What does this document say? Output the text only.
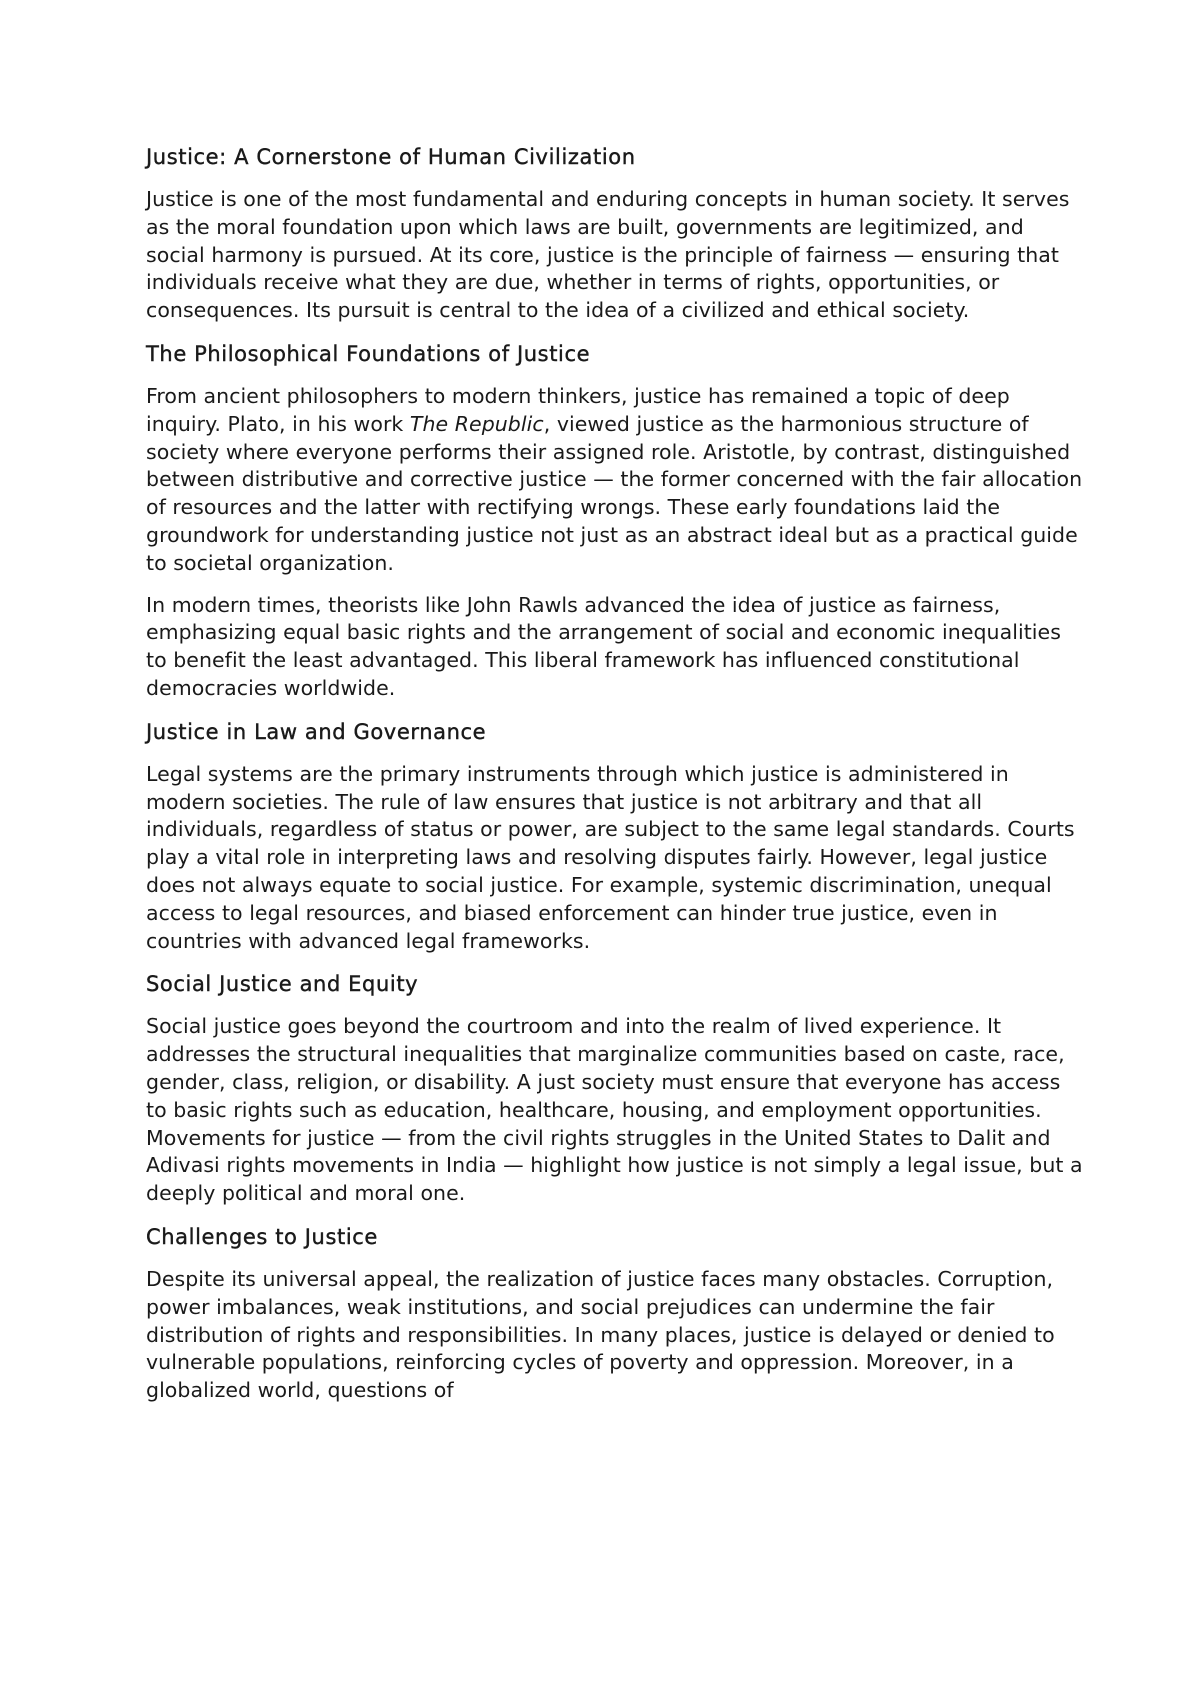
Justice: A Cornerstone of Human Civilization

Justice is one of the most fundamental and enduring concepts in human society. It serves as the moral foundation upon which laws are built, governments are legitimized, and social harmony is pursued. At its core, justice is the principle of fairness — ensuring that individuals receive what they are due, whether in terms of rights, opportunities, or consequences. Its pursuit is central to the idea of a civilized and ethical society.

The Philosophical Foundations of Justice

From ancient philosophers to modern thinkers, justice has remained a topic of deep inquiry. Plato, in his work The Republic, viewed justice as the harmonious structure of society where everyone performs their assigned role. Aristotle, by contrast, distinguished between distributive and corrective justice — the former concerned with the fair allocation of resources and the latter with rectifying wrongs. These early foundations laid the groundwork for understanding justice not just as an abstract ideal but as a practical guide to societal organization.

In modern times, theorists like John Rawls advanced the idea of justice as fairness, emphasizing equal basic rights and the arrangement of social and economic inequalities to benefit the least advantaged. This liberal framework has influenced constitutional democracies worldwide.

Justice in Law and Governance

Legal systems are the primary instruments through which justice is administered in modern societies. The rule of law ensures that justice is not arbitrary and that all individuals, regardless of status or power, are subject to the same legal standards. Courts play a vital role in interpreting laws and resolving disputes fairly. However, legal justice does not always equate to social justice. For example, systemic discrimination, unequal access to legal resources, and biased enforcement can hinder true justice, even in countries with advanced legal frameworks.

Social Justice and Equity

Social justice goes beyond the courtroom and into the realm of lived experience. It addresses the structural inequalities that marginalize communities based on caste, race, gender, class, religion, or disability. A just society must ensure that everyone has access to basic rights such as education, healthcare, housing, and employment opportunities. Movements for justice — from the civil rights struggles in the United States to Dalit and Adivasi rights movements in India — highlight how justice is not simply a legal issue, but a deeply political and moral one.

Challenges to Justice

Despite its universal appeal, the realization of justice faces many obstacles. Corruption, power imbalances, weak institutions, and social prejudices can undermine the fair distribution of rights and responsibilities. In many places, justice is delayed or denied to vulnerable populations, reinforcing cycles of poverty and oppression. Moreover, in a globalized world, questions of
